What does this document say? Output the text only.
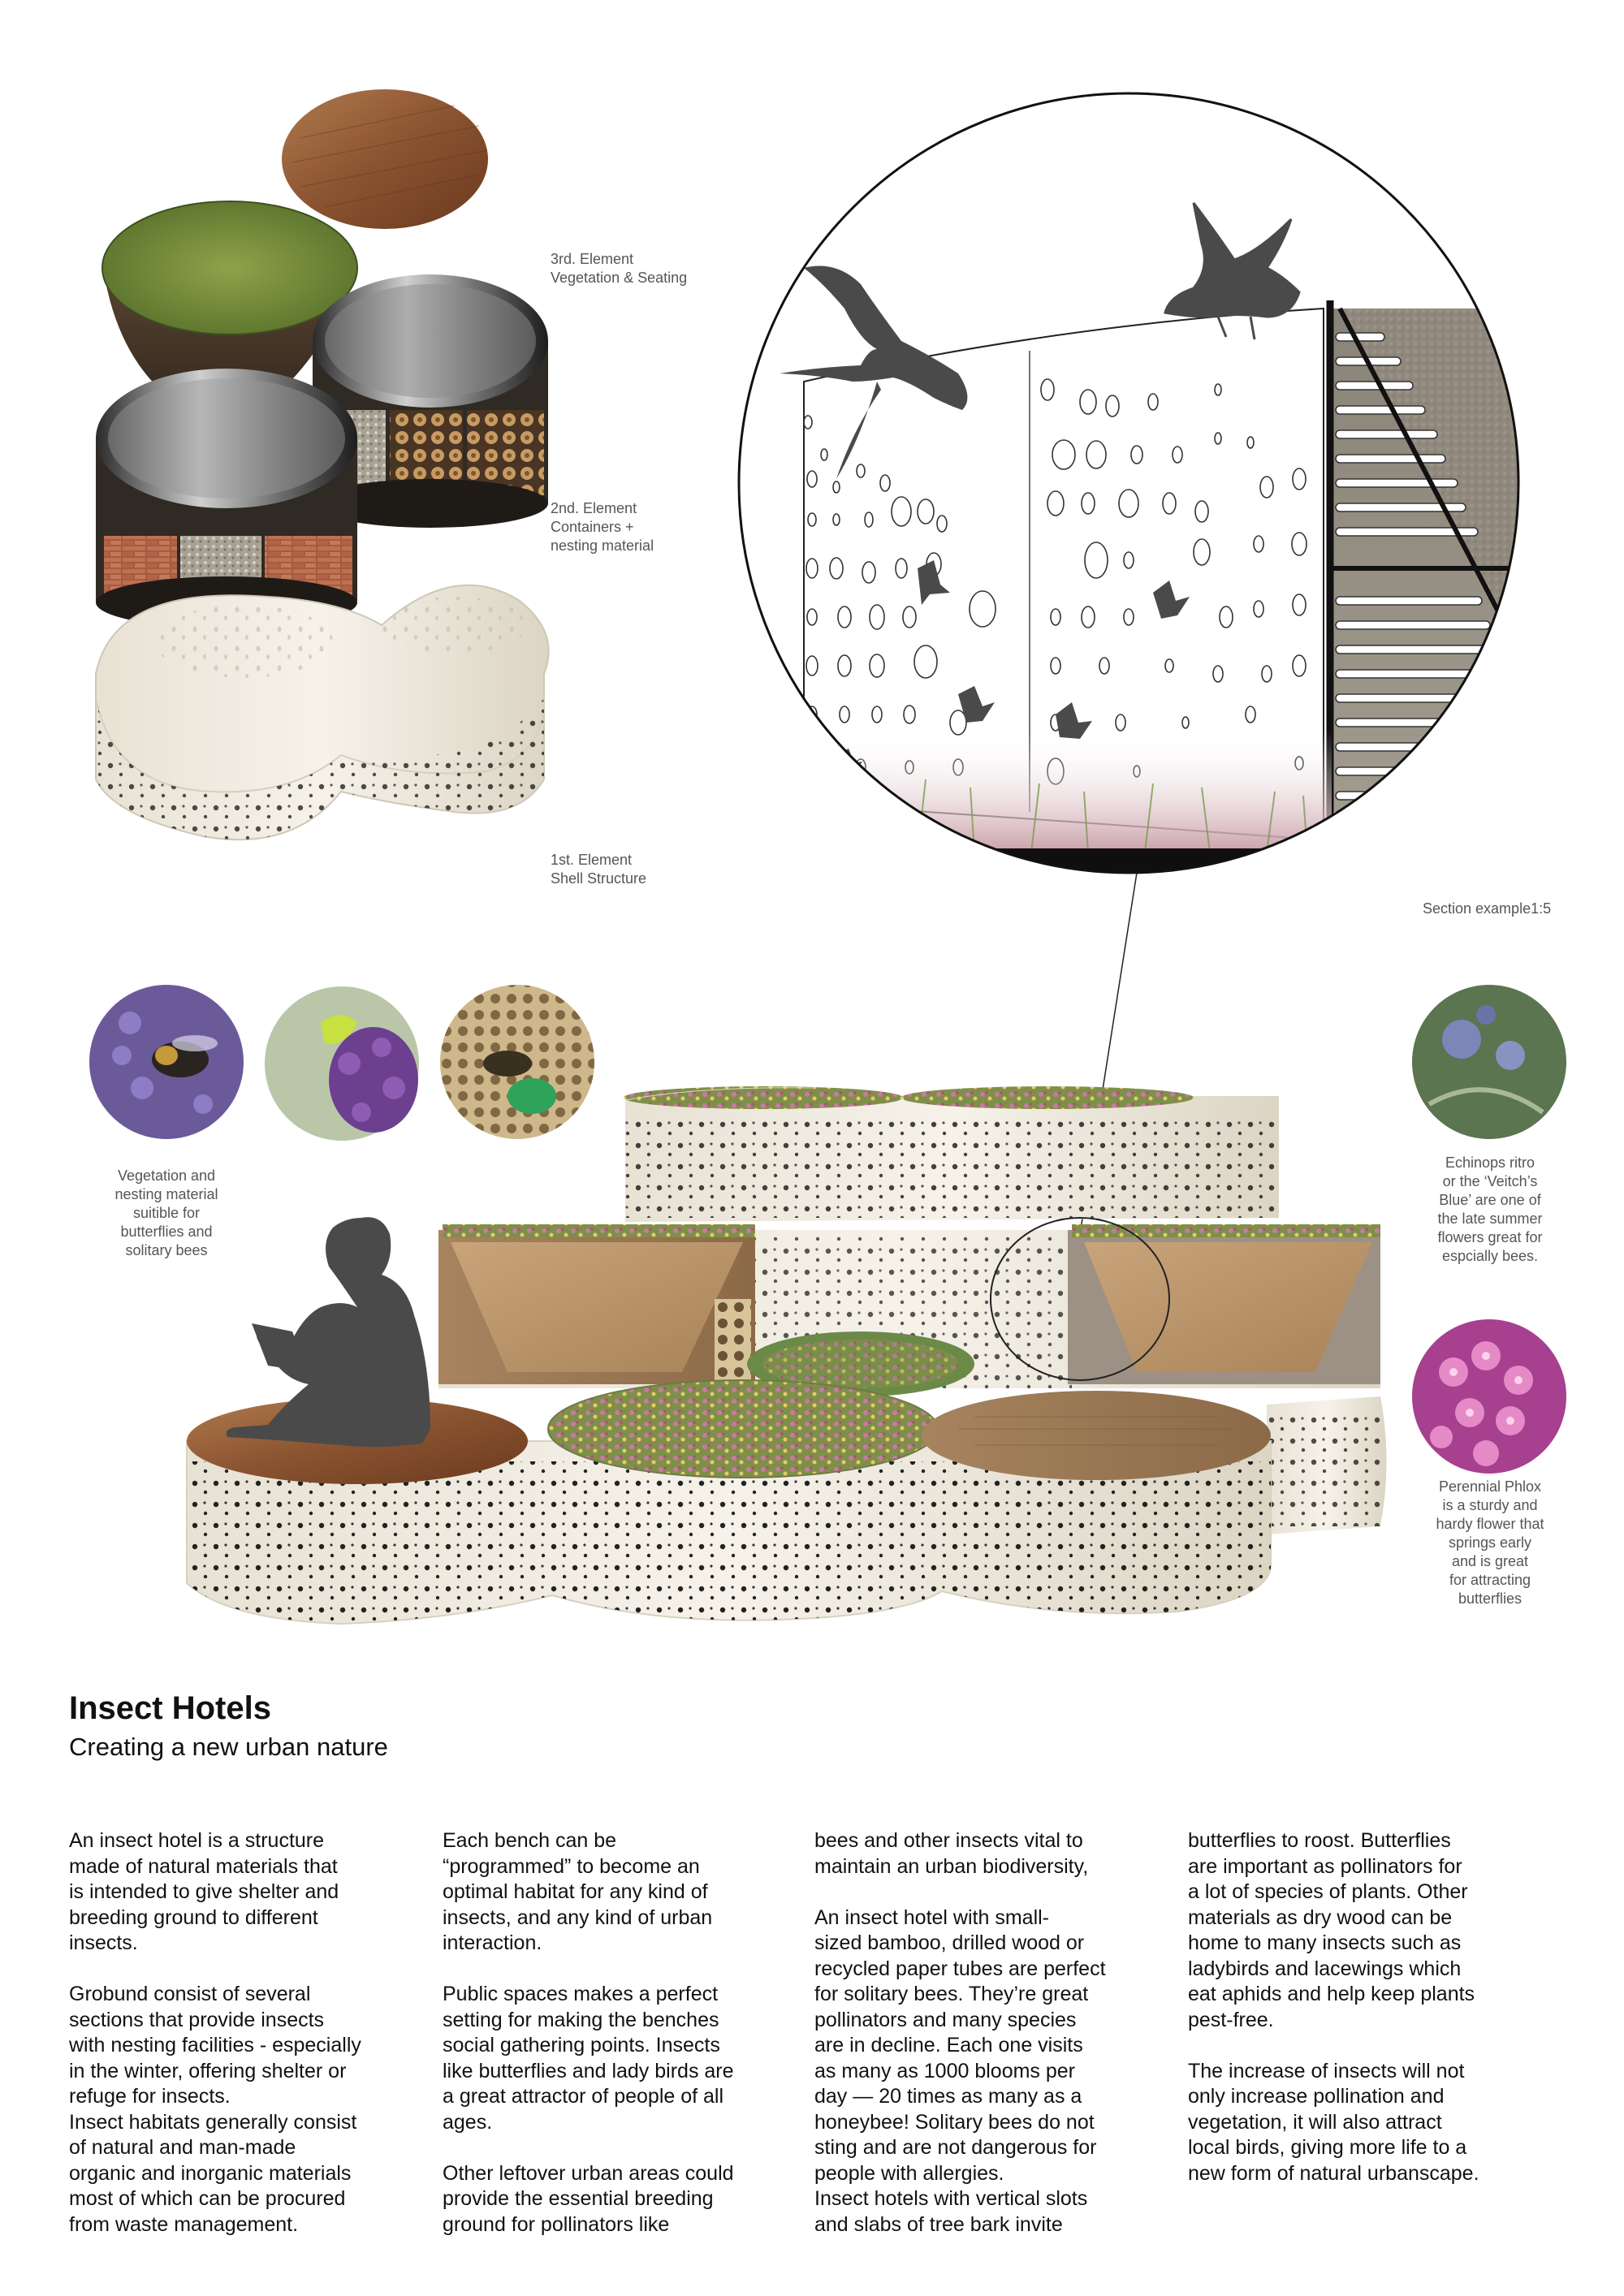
3rd. Element
Vegetation & Seating
2nd. Element
Containers +
nesting material
1st. Element
Shell Structure
Section example1:5
Vegetation and
nesting material
suitible for
butterflies and
solitary bees
Echinops ritro
or the ‘Veitch’s
Blue’ are one of
the late summer
flowers great for
espcially bees.
Perennial Phlox
is a sturdy and
hardy flower that
springs early
and is great
for attracting
butterflies
Insect Hotels
Creating a new urban nature

An insect hotel is a structure
made of natural materials that
is intended to give shelter and
breeding ground to different
insects.

Grobund consist of several
sections that provide insects
with nesting facilities - especially
in the winter, offering shelter or
refuge for insects.
Insect habitats generally consist
of natural and man-made
organic and inorganic materials
most of which can be procured
from waste management.

Each bench can be
“programmed” to become an
optimal habitat for any kind of
insects, and any kind of urban
interaction.

Public spaces makes a perfect
setting for making the benches
social gathering points. Insects
like butterflies and lady birds are
a great attractor of people of all
ages.

Other leftover urban areas could
provide the essential breeding
ground for pollinators like

bees and other insects vital to
maintain an urban biodiversity,

An insect hotel with small-
sized bamboo, drilled wood or
recycled paper tubes are perfect
for solitary bees. They’re great
pollinators and many species
are in decline. Each one visits
as many as 1000 blooms per
day — 20 times as many as a
honeybee! Solitary bees do not
sting and are not dangerous for
people with allergies.
Insect hotels with vertical slots
and slabs of tree bark invite

butterflies to roost. Butterflies
are important as pollinators for
a lot of species of plants. Other
materials as dry wood can be
home to many insects such as
ladybirds and lacewings which
eat aphids and help keep plants
pest-free.

The increase of insects will not
only increase pollination and
vegetation, it will also attract
local birds, giving more life to a
new form of natural urbanscape.
